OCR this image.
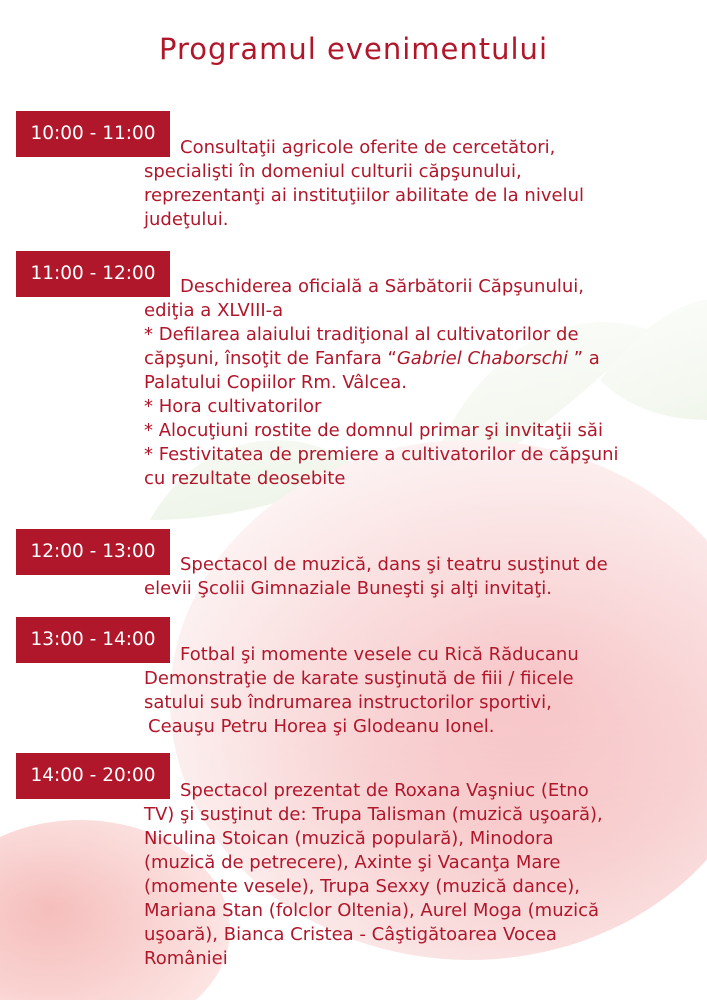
Programul evenimentului
10:00 - 11:00
Consultaţii agricole oferite de cercetători,
specialişti în domeniul culturii căpşunului,
reprezentanţi ai instituţiilor abilitate de la nivelul
judeţului.
11:00 - 12:00
Deschiderea oficială a Sărbătorii Căpşunului,
ediţia a XLVIII-a
* Defilarea alaiului tradiţional al cultivatorilor de
căpşuni, însoţit de Fanfara “Gabriel Chaborschi ” a
Palatului Copiilor Rm. Vâlcea.
* Hora cultivatorilor
* Alocuţiuni rostite de domnul primar şi invitaţii săi
* Festivitatea de premiere a cultivatorilor de căpşuni
cu rezultate deosebite
12:00 - 13:00
Spectacol de muzică, dans şi teatru susţinut de
elevii Şcolii Gimnaziale Buneşti şi alţi invitaţi.
13:00 - 14:00
Fotbal şi momente vesele cu Rică Răducanu
Demonstraţie de karate susţinută de fiii / fiicele
satului sub îndrumarea instructorilor sportivi,
Ceauşu Petru Horea şi Glodeanu Ionel.
14:00 - 20:00
Spectacol prezentat de Roxana Vaşniuc (Etno
TV) şi susţinut de: Trupa Talisman (muzică uşoară),
Niculina Stoican (muzică populară), Minodora
(muzică de petrecere), Axinte şi Vacanţa Mare
(momente vesele), Trupa Sexxy (muzică dance),
Mariana Stan (folclor Oltenia), Aurel Moga (muzică
uşoară), Bianca Cristea - Câştigătoarea Vocea
României
